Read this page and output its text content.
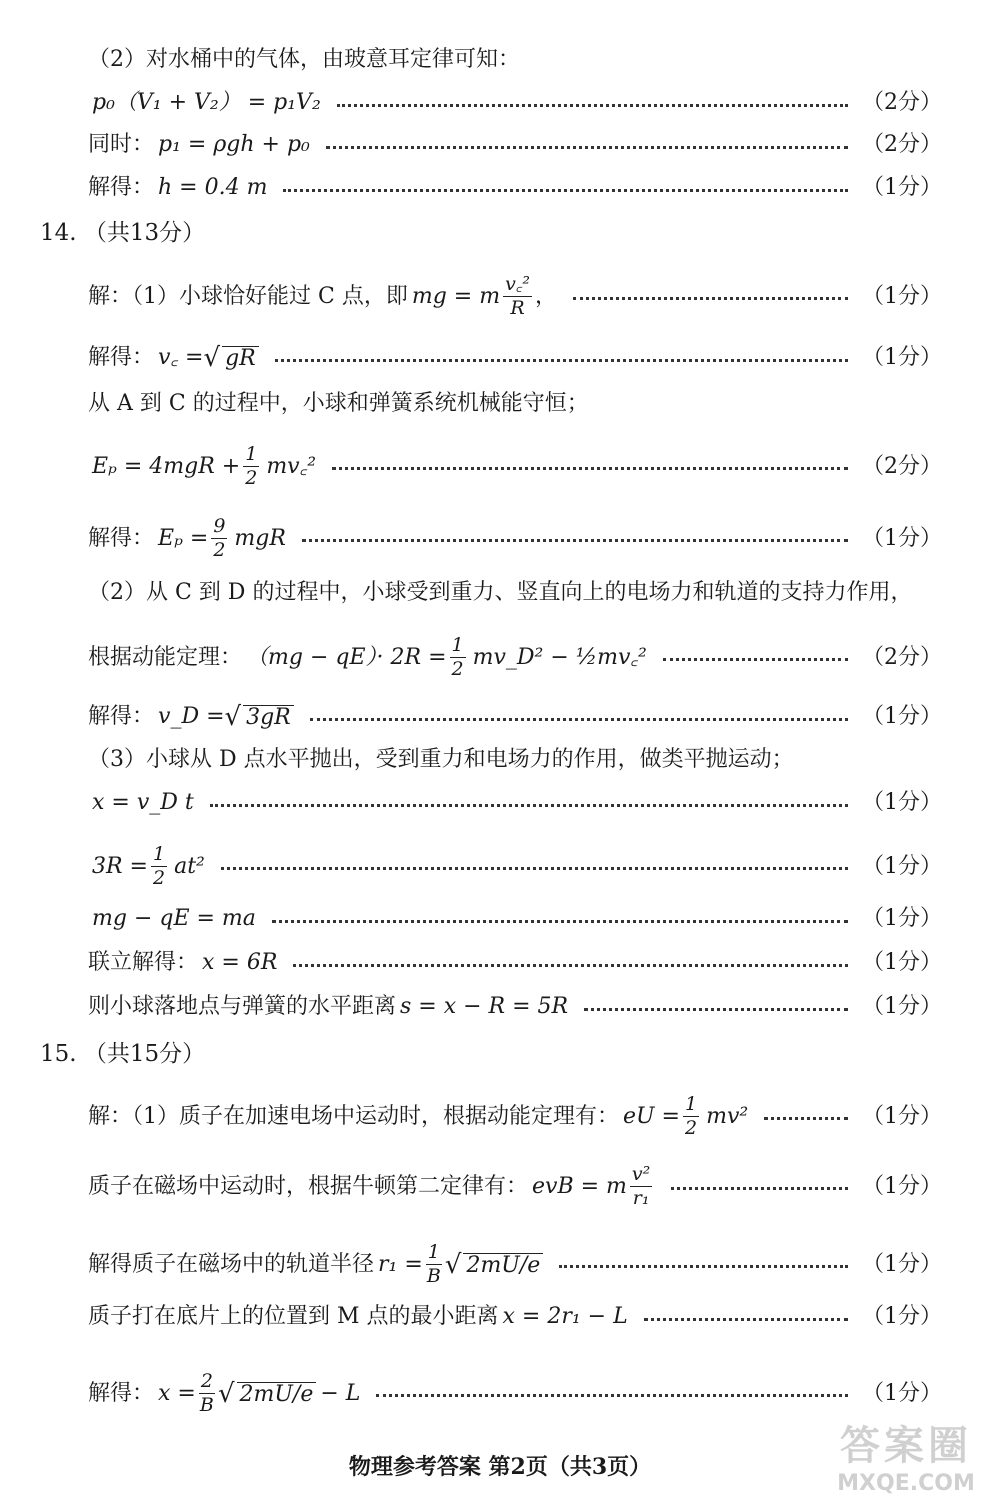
（2）对水桶中的气体，由玻意耳定律可知：
p₀（V₁ + V₂） = p₁V₂	（2分）
同时： p₁ = ρgh + p₀	（2分）
解得： h = 0.4 m	（1分）
14. （共13分）
解：（1）小球恰好能过 C 点，即 mg = m $\frac{\text{v꜀²}}{R}$ ，	（1分）
解得： v꜀ = √ gR	（1分）
从 A 到 C 的过程中，小球和弹簧系统机械能守恒；
$E_p = 4mgR + \frac{1}{2}$ mv꜀²	（2分）
解得： $E_p = \frac{9}{2}$ mgR	（1分）
（2）从 C 到 D 的过程中，小球受到重力、竖直向上的电场力和轨道的支持力作用，
根据动能定理： $(mg - qE)\cdot 2R = \frac{1}{2}$ mv_D² − ½mv꜀²	（2分）
解得： v_D = √ 3gR	（1分）
（3）小球从 D 点水平抛出，受到重力和电场力的作用，做类平抛运动；
x = v_D t	（1分）
$3R = \frac{1}{2} at^2$	（1分）
mg − qE = ma	（1分）
联立解得： x = 6R	（1分）
则小球落地点与弹簧的水平距离 s = x − R = 5R	（1分）
15. （共15分）
解：（1）质子在加速电场中运动时，根据动能定理有： eU = $\frac{1}{2} mv^2$	（1分）
质子在磁场中运动时，根据牛顿第二定律有： evB = m $\frac{\text{v²}}{\text{r₁}}$	（1分）
解得质子在磁场中的轨道半径 $r_1 = \frac{1}{B}$ √ 2mU/e	（1分）
质子打在底片上的位置到 M 点的最小距离 x = 2r₁ − L	（1分）
解得： $x = \frac{2}{B}$ √ 2mU/e − L	（1分）
物理参考答案 第2页（共3页）	答案圈
MXQE.COM
